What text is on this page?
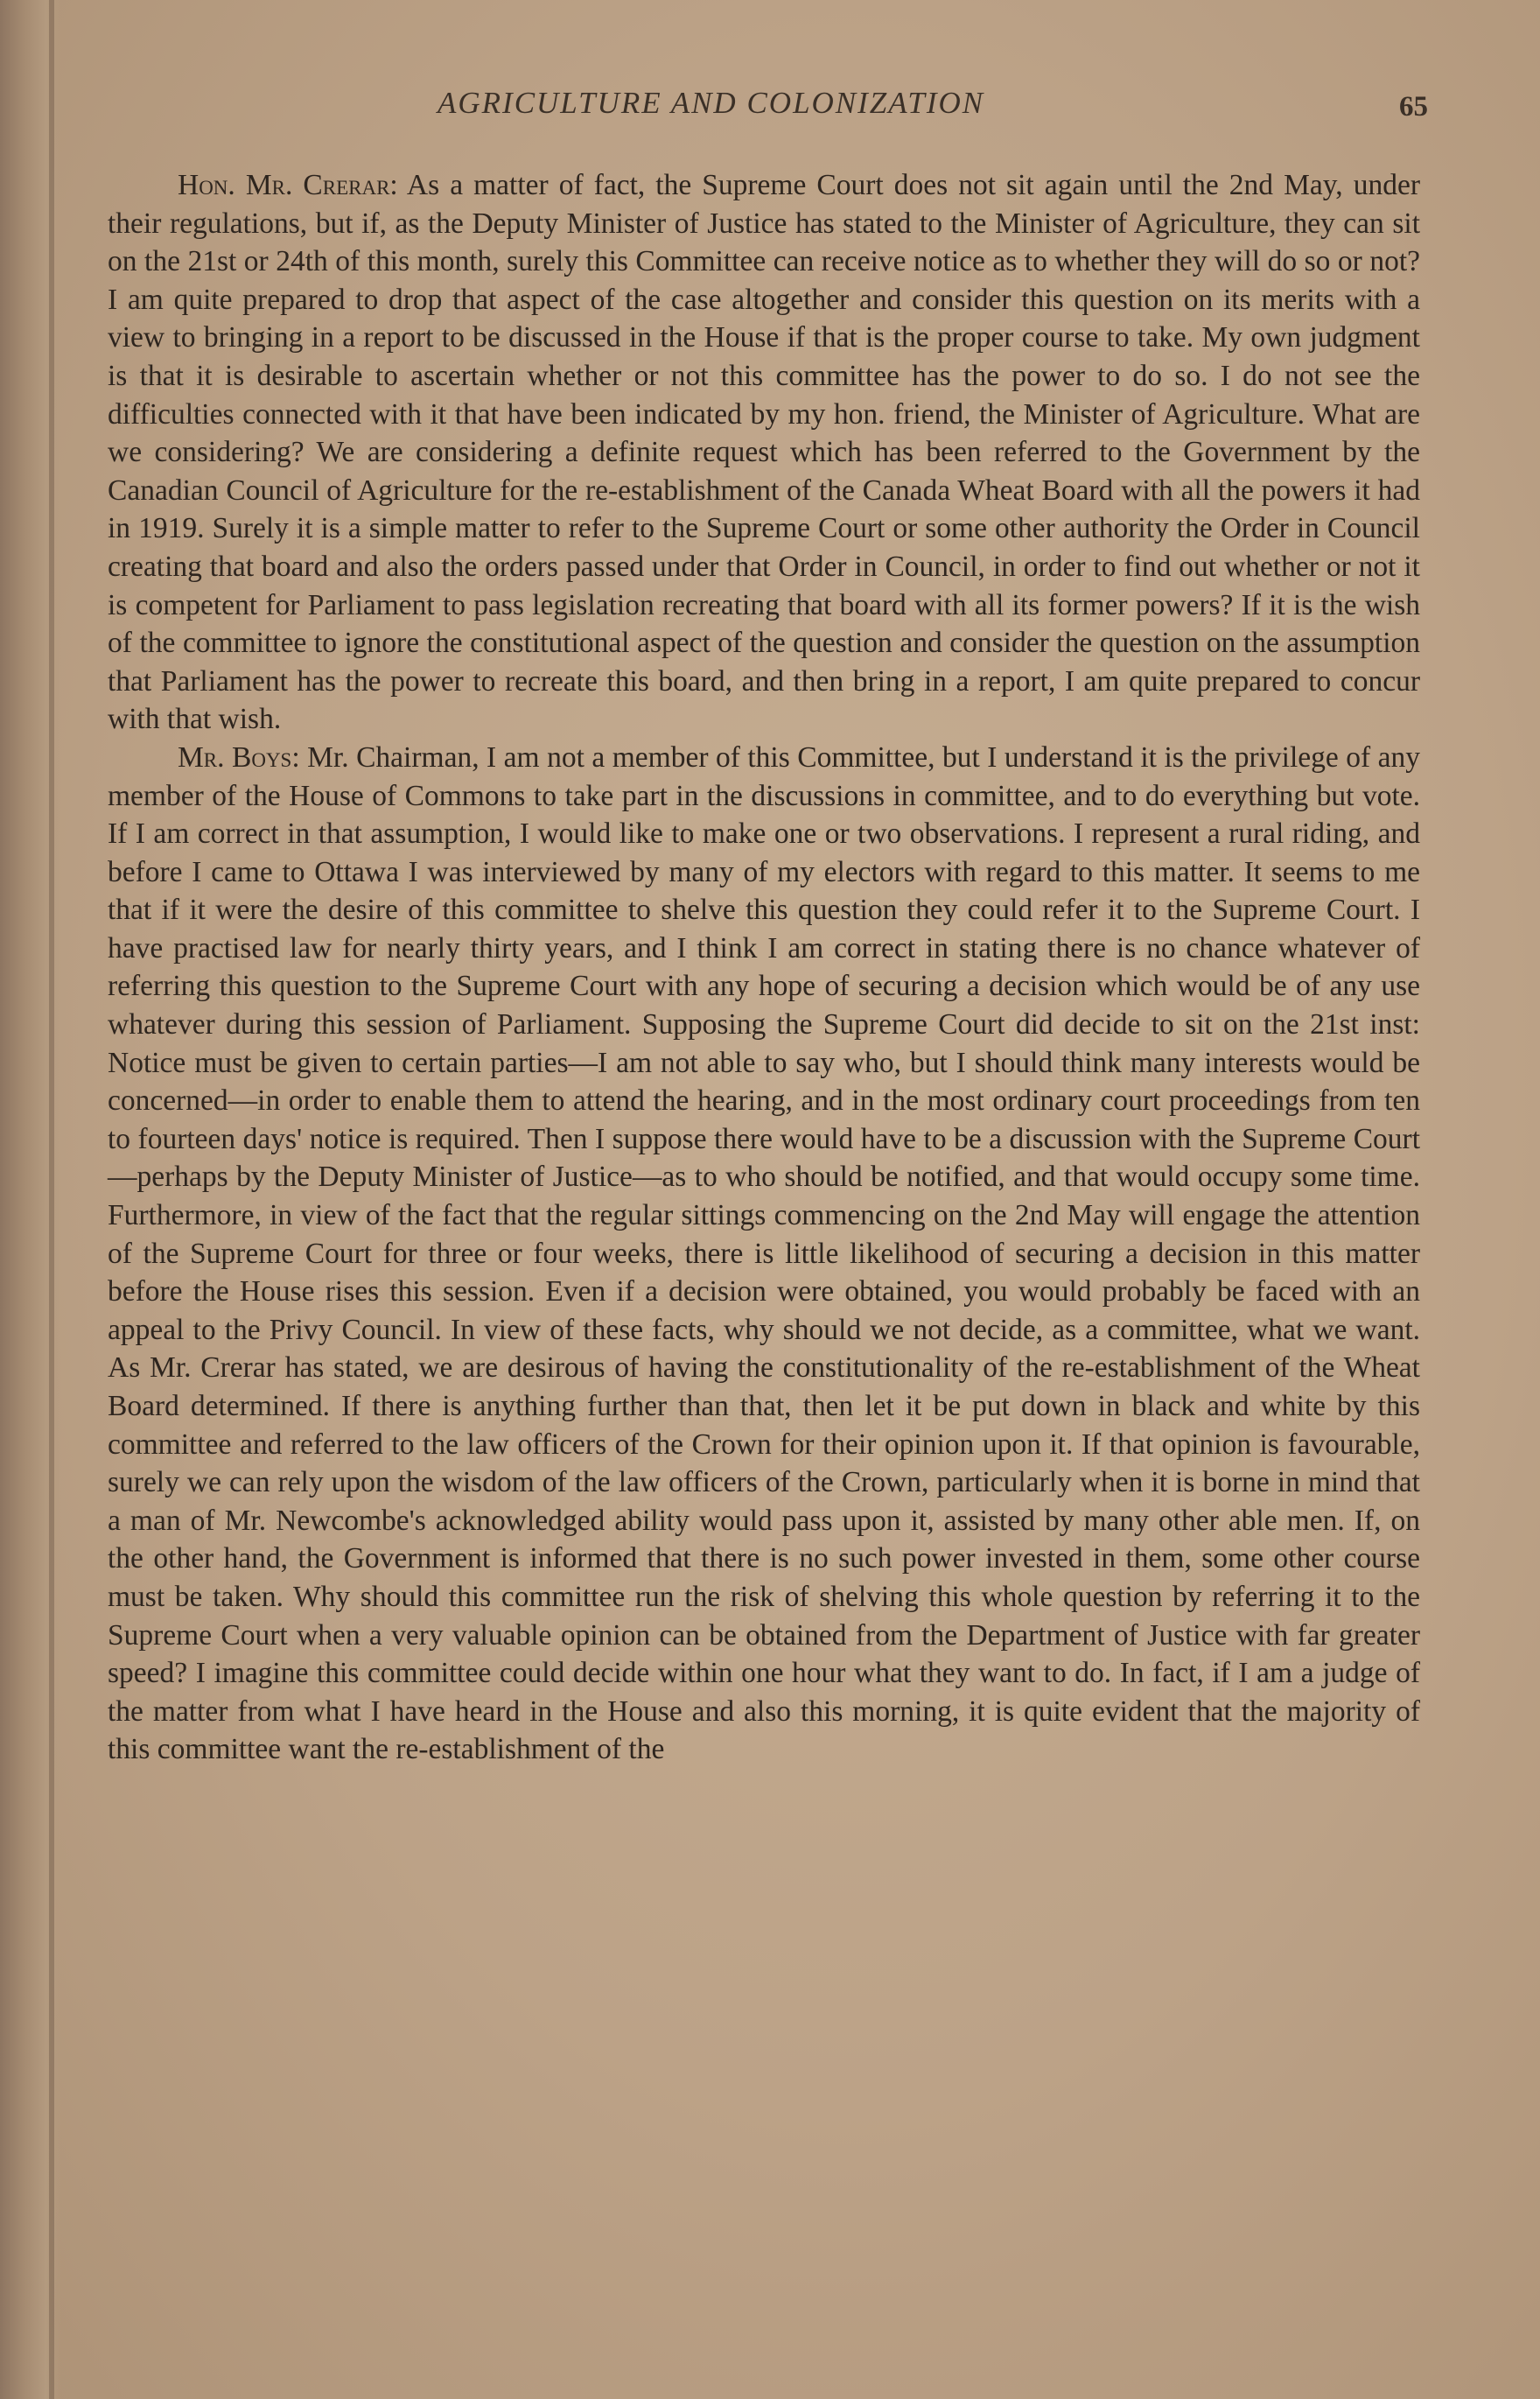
AGRICULTURE AND COLONIZATION	65

Hon. Mr. Crerar: As a matter of fact, the Supreme Court does not sit again until the 2nd May, under their regulations, but if, as the Deputy Minister of Justice has stated to the Minister of Agriculture, they can sit on the 21st or 24th of this month, surely this Committee can receive notice as to whether they will do so or not? I am quite prepared to drop that aspect of the case altogether and consider this question on its merits with a view to bringing in a report to be discussed in the House if that is the proper course to take. My own judgment is that it is desirable to ascertain whether or not this committee has the power to do so. I do not see the difficulties connected with it that have been indicated by my hon. friend, the Minister of Agriculture. What are we considering? We are considering a definite request which has been referred to the Government by the Canadian Council of Agriculture for the re-establishment of the Canada Wheat Board with all the powers it had in 1919. Surely it is a simple matter to refer to the Supreme Court or some other authority the Order in Council creating that board and also the orders passed under that Order in Council, in order to find out whether or not it is competent for Parliament to pass legislation recreating that board with all its former powers? If it is the wish of the committee to ignore the constitutional aspect of the question and consider the question on the assumption that Parliament has the power to recreate this board, and then bring in a report, I am quite prepared to concur with that wish.

Mr. Boys: Mr. Chairman, I am not a member of this Committee, but I understand it is the privilege of any member of the House of Commons to take part in the discussions in committee, and to do everything but vote. If I am correct in that assumption, I would like to make one or two observations. I represent a rural riding, and before I came to Ottawa I was interviewed by many of my electors with regard to this matter. It seems to me that if it were the desire of this committee to shelve this question they could refer it to the Supreme Court. I have practised law for nearly thirty years, and I think I am correct in stating there is no chance whatever of referring this question to the Supreme Court with any hope of securing a decision which would be of any use whatever during this session of Parliament. Supposing the Supreme Court did decide to sit on the 21st inst: Notice must be given to certain parties—I am not able to say who, but I should think many interests would be concerned—in order to enable them to attend the hearing, and in the most ordinary court proceedings from ten to fourteen days' notice is required. Then I suppose there would have to be a discussion with the Supreme Court—perhaps by the Deputy Minister of Justice—as to who should be notified, and that would occupy some time. Furthermore, in view of the fact that the regular sittings commencing on the 2nd May will engage the attention of the Supreme Court for three or four weeks, there is little likelihood of securing a decision in this matter before the House rises this session. Even if a decision were obtained, you would probably be faced with an appeal to the Privy Council. In view of these facts, why should we not decide, as a committee, what we want. As Mr. Crerar has stated, we are desirous of having the constitutionality of the re-establishment of the Wheat Board determined. If there is anything further than that, then let it be put down in black and white by this committee and referred to the law officers of the Crown for their opinion upon it. If that opinion is favourable, surely we can rely upon the wisdom of the law officers of the Crown, particularly when it is borne in mind that a man of Mr. Newcombe's acknowledged ability would pass upon it, assisted by many other able men. If, on the other hand, the Government is informed that there is no such power invested in them, some other course must be taken. Why should this committee run the risk of shelving this whole question by referring it to the Supreme Court when a very valuable opinion can be obtained from the Department of Justice with far greater speed? I imagine this committee could decide within one hour what they want to do. In fact, if I am a judge of the matter from what I have heard in the House and also this morning, it is quite evident that the majority of this committee want the re-establishment of the
